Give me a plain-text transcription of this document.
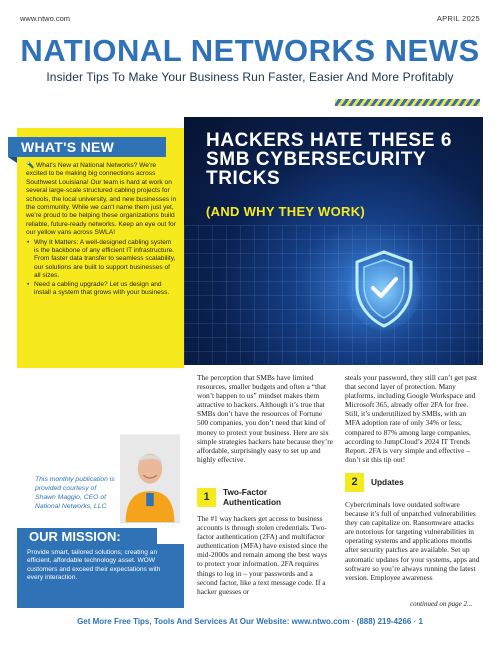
www.ntwo.com	APRIL 2025
NATIONAL NETWORKS NEWS
Insider Tips To Make Your Business Run Faster, Easier And More Profitably
WHAT'S NEW

🔦 What's New at National Networks? We're excited to be making big connections across Southwest Louisiana! Our team is hard at work on several large-scale structured cabling projects for schools, the local university, and new businesses in the community. While we can't name them just yet, we're proud to be helping these organizations build reliable, future-ready networks. Keep an eye out for our yellow vans across SWLA!

• Why It Matters: A well-designed cabling system is the backbone of any efficient IT infrastructure. From faster data transfer to seamless scalability, our solutions are built to support businesses of all sizes.
• Need a cabling upgrade? Let us design and install a system that grows with your business.
HACKERS HATE THESE 6 SMB CYBERSECURITY TRICKS
(AND WHY THEY WORK)
This monthly publication is provided courtesy of Shawn Maggio, CEO of National Networks, LLC
OUR MISSION:
Provide smart, tailored solutions; creating an efficient, affordable technology asset. WOW customers and exceed their expectations with every interaction.
The perception that SMBs have limited resources, smaller budgets and often a “that won’t happen to us” mindset makes them attractive to hackers. Although it’s true that SMBs don’t have the resources of Fortune 500 companies, you don’t need that kind of money to protect your business. Here are six simple strategies hackers hate because they’re affordable, surprisingly easy to set up and highly effective.
1	Two-Factor Authentication
The #1 way hackers get access to business accounts is through stolen credentials. Two-factor authentication (2FA) and multifactor authentication (MFA) have existed since the mid-2000s and remain among the best ways to protect your information. 2FA requires things to log in – your passwords and a second factor, like a text message code. If a hacker guesses or
steals your password, they still can’t get past that second layer of protection. Many platforms, including Google Workspace and Microsoft 365, already offer 2FA for free. Still, it’s underutilized by SMBs, with an MFA adoption rate of only 34% or less, compared to 87% among large companies, according to JumpCloud’s 2024 IT Trends Report. 2FA is very simple and effective – don’t sit this tip out!
2	Updates
Cybercriminals love outdated software because it’s full of unpatched vulnerabilities they can capitalize on. Ransomware attacks are notorious for targeting vulnerabilities in operating systems and applications months after security patches are available. Set up automatic updates for your systems, apps and software so you’re always running the latest version. Employee awareness
continued on page 2...
Get More Free Tips, Tools And Services At Our Website: www.ntwo.com · (888) 219-4266 · 1
